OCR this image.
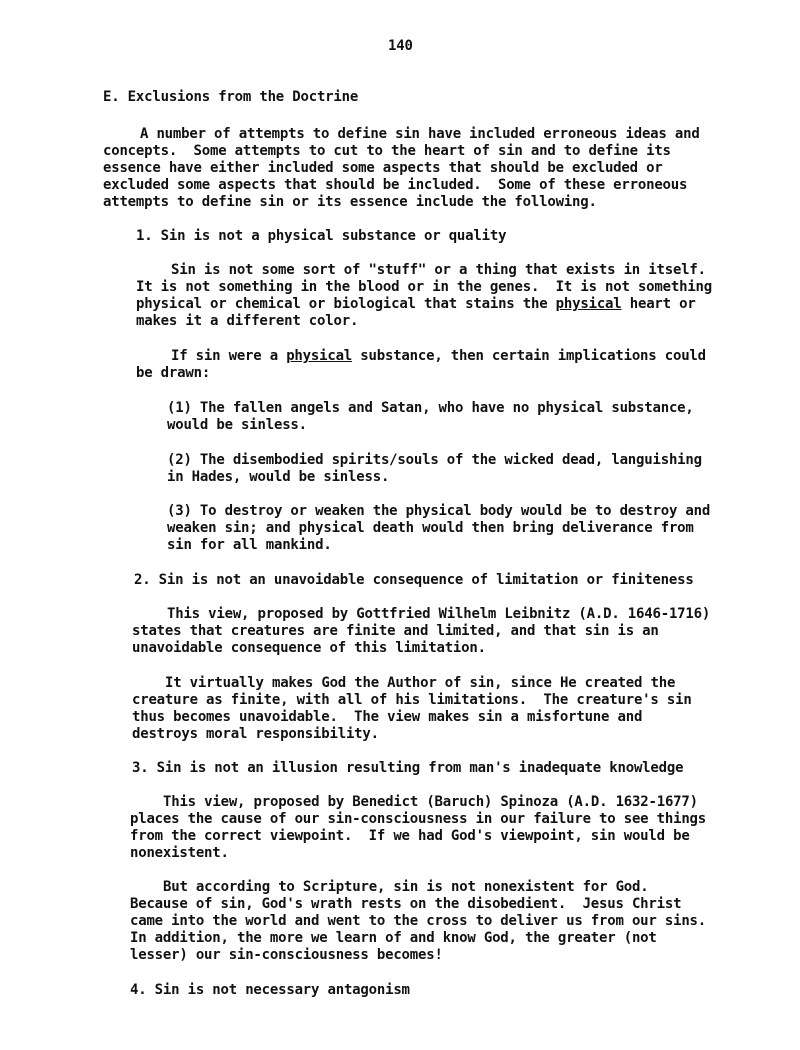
140

E. Exclusions from the Doctrine

A number of attempts to define sin have included erroneous ideas and

concepts.  Some attempts to cut to the heart of sin and to define its

essence have either included some aspects that should be excluded or

excluded some aspects that should be included.  Some of these erroneous

attempts to define sin or its essence include the following.

1. Sin is not a physical substance or quality

Sin is not some sort of "stuff" or a thing that exists in itself.

It is not something in the blood or in the genes.  It is not something

physical or chemical or biological that stains the physical heart or

makes it a different color.

If sin were a physical substance, then certain implications could

be drawn:

(1) The fallen angels and Satan, who have no physical substance,

would be sinless.

(2) The disembodied spirits/souls of the wicked dead, languishing

in Hades, would be sinless.

(3) To destroy or weaken the physical body would be to destroy and

weaken sin; and physical death would then bring deliverance from

sin for all mankind.

2. Sin is not an unavoidable consequence of limitation or finiteness

This view, proposed by Gottfried Wilhelm Leibnitz (A.D. 1646-1716)

states that creatures are finite and limited, and that sin is an

unavoidable consequence of this limitation.

It virtually makes God the Author of sin, since He created the

creature as finite, with all of his limitations.  The creature's sin

thus becomes unavoidable.  The view makes sin a misfortune and

destroys moral responsibility.

3. Sin is not an illusion resulting from man's inadequate knowledge

This view, proposed by Benedict (Baruch) Spinoza (A.D. 1632-1677)

places the cause of our sin-consciousness in our failure to see things

from the correct viewpoint.  If we had God's viewpoint, sin would be

nonexistent.

But according to Scripture, sin is not nonexistent for God.

Because of sin, God's wrath rests on the disobedient.  Jesus Christ

came into the world and went to the cross to deliver us from our sins.

In addition, the more we learn of and know God, the greater (not

lesser) our sin-consciousness becomes!

4. Sin is not necessary antagonism
